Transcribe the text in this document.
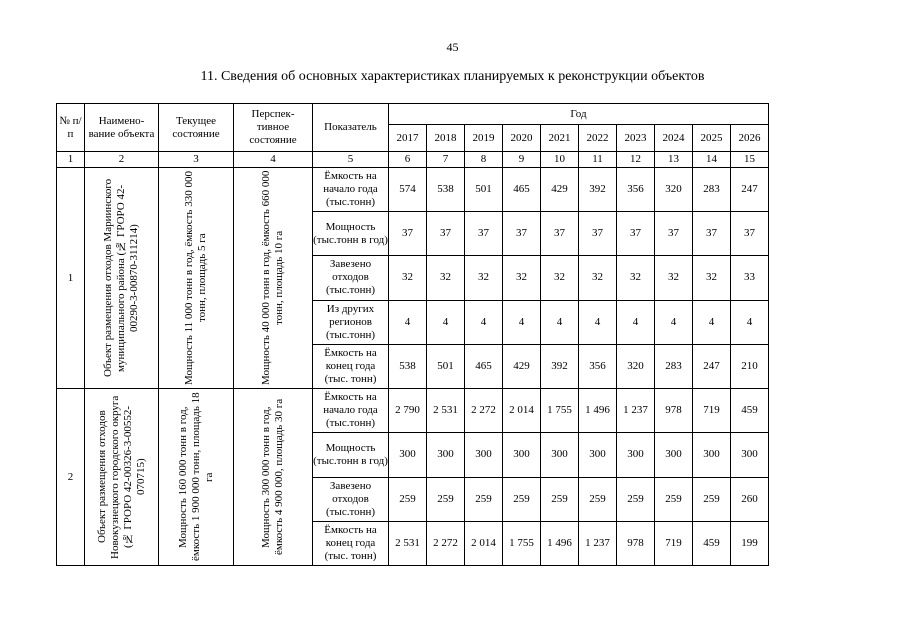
45
11. Сведения об основных характеристиках планируемых к реконструкции объектов
№ п/п	Наимено- вание объекта	Текущее состояние	Перспек- тивное состояние	Показатель	Год									
					2017	2018	2019	2020	2021	2022	2023	2024	2025	2026
1	2	3	4	5	6	7	8	9	10	11	12	13	14	15
1	Объект размещения отходов Мариинского муниципального района (№ ГРОРО 42-00290-3-00870-311214)	Мощность 11 000 тонн в год, ёмкость 330 000 тонн, площадь 5 га	Мощность 40 000 тонн в год, ёмкость 660 000 тонн, площадь 10 га	Ёмкость на начало года (тыс.тонн)	574	538	501	465	429	392	356	320	283	247
				Мощность (тыс.тонн в год)	37	37	37	37	37	37	37	37	37	37
				Завезено отходов (тыс.тонн)	32	32	32	32	32	32	32	32	32	33
				Из других регионов (тыс.тонн)	4	4	4	4	4	4	4	4	4	4
				Ёмкость на конец года (тыс. тонн)	538	501	465	429	392	356	320	283	247	210
2	Объект размещения отходов Новокузнецкого городского округа (№ ГРОРО 42-00326-3-00552-070715)	Мощность 160 000 тонн в год, ёмкость 1 900 000 тонн, площадь 18 га	Мощность 300 000 тонн в год, ёмкость 4 900 000, площадь 30 га	Ёмкость на начало года (тыс.тонн)	2 790	2 531	2 272	2 014	1 755	1 496	1 237	978	719	459
				Мощность (тыс.тонн в год)	300	300	300	300	300	300	300	300	300	300
				Завезено отходов (тыс.тонн)	259	259	259	259	259	259	259	259	259	260
				Ёмкость на конец года (тыс. тонн)	2 531	2 272	2 014	1 755	1 496	1 237	978	719	459	199
